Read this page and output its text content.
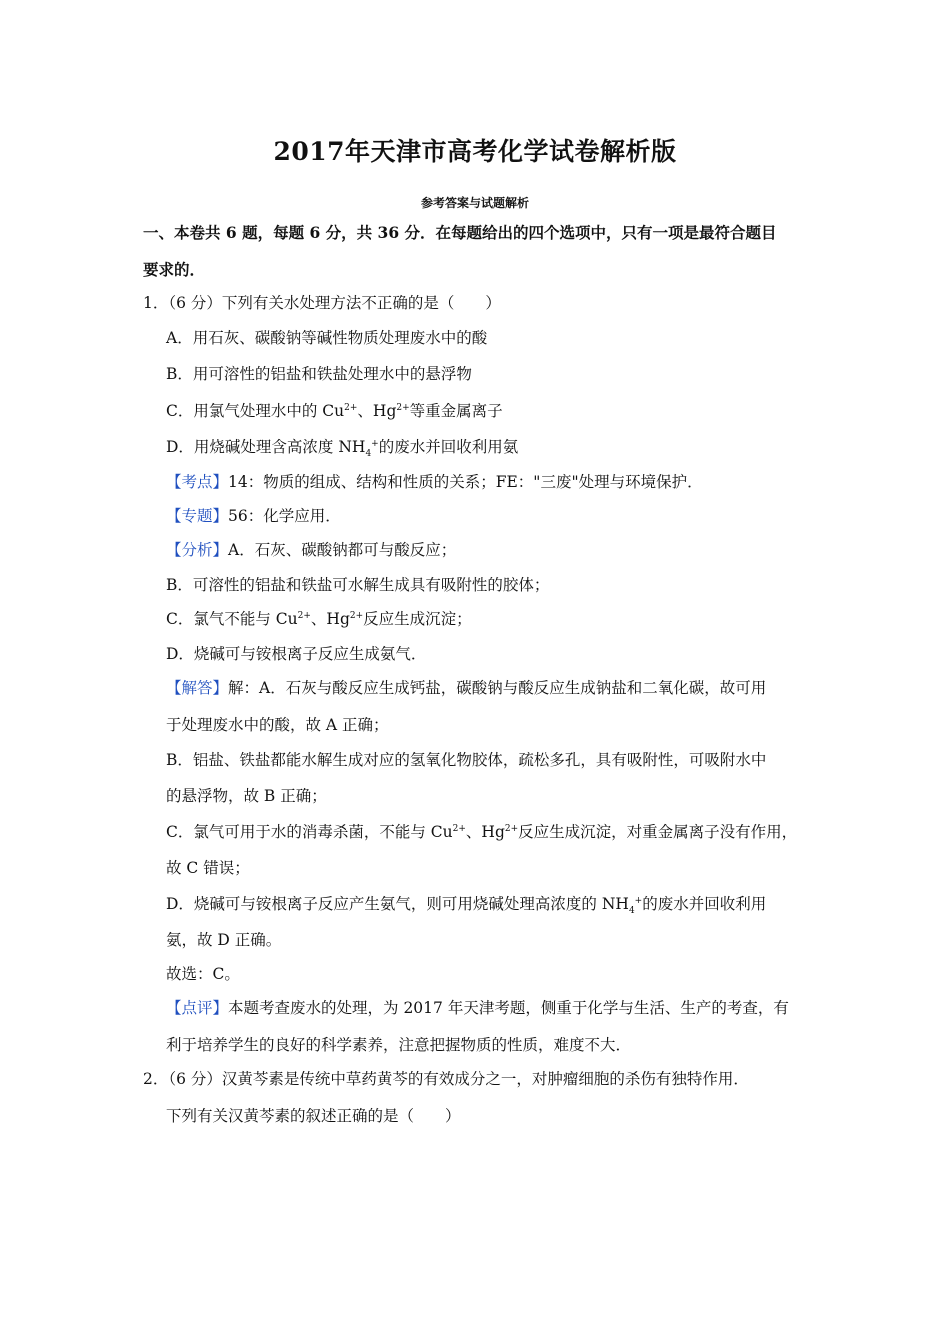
2017年天津市高考化学试卷解析版
参考答案与试题解析
一、本卷共 6 题，每题 6 分，共 36 分．在每题给出的四个选项中，只有一项是最符合题目
要求的．
1．（6 分）下列有关水处理方法不正确的是（　　）
A．用石灰、碳酸钠等碱性物质处理废水中的酸
B．用可溶性的铝盐和铁盐处理水中的悬浮物
C．用氯气处理水中的 $Cu^{2+}$、$Hg^{2+}$等重金属离子
D．用烧碱处理含高浓度 $NH_4^+$的废水并回收利用氨
【考点】14：物质的组成、结构和性质的关系；FE："三废"处理与环境保护．
【专题】56：化学应用．
【分析】A．石灰、碳酸钠都可与酸反应；
B．可溶性的铝盐和铁盐可水解生成具有吸附性的胶体；
C．氯气不能与 $Cu^{2+}$、$Hg^{2+}$反应生成沉淀；
D．烧碱可与铵根离子反应生成氨气．
【解答】解：A．石灰与酸反应生成钙盐，碳酸钠与酸反应生成钠盐和二氧化碳，故可用
于处理废水中的酸，故 A 正确；
B．铝盐、铁盐都能水解生成对应的氢氧化物胶体，疏松多孔，具有吸附性，可吸附水中
的悬浮物，故 B 正确；
C．氯气可用于水的消毒杀菌，不能与 $Cu^{2+}$、$Hg^{2+}$反应生成沉淀，对重金属离子没有作用，
故 C 错误；
D．烧碱可与铵根离子反应产生氨气，则可用烧碱处理高浓度的 $NH_4^+$的废水并回收利用
氨，故 D 正确。
故选：C。
【点评】本题考查废水的处理，为 2017 年天津考题，侧重于化学与生活、生产的考查，有
利于培养学生的良好的科学素养，注意把握物质的性质，难度不大．
2．（6 分）汉黄芩素是传统中草药黄芩的有效成分之一，对肿瘤细胞的杀伤有独特作用．
下列有关汉黄芩素的叙述正确的是（　　）
